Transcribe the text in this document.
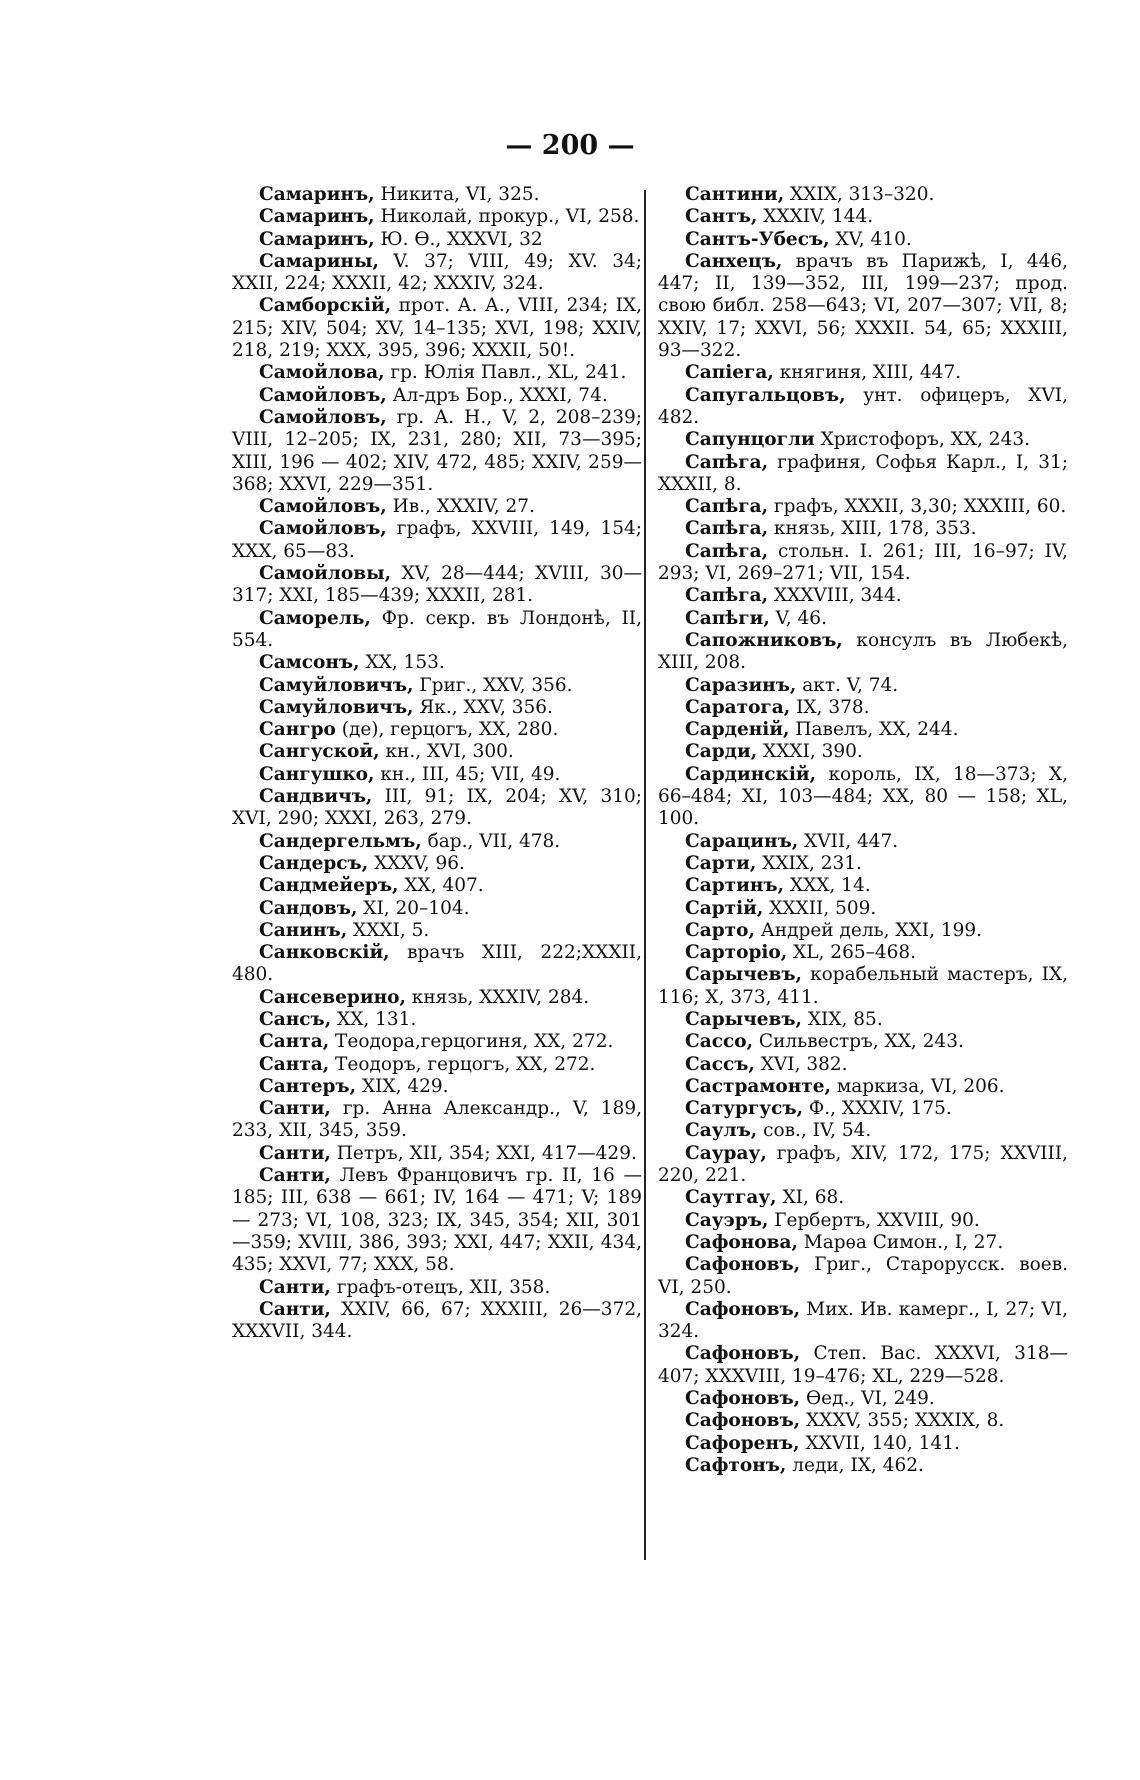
— 200 —

Самаринъ, Никита, VI, 325.

Самаринъ, Николай, прокур., VI, 258.

Самаринъ, Ю. Ѳ., XXXVI, 32

Самарины, V. 37; VIII, 49; XV. 34; XXII, 224; XXXII, 42; XXXIV, 324.

Самборскій, прот. А. А., VIII, 234; IX, 215; XIV, 504; XV, 14–135; XVI, 198; XXIV, 218, 219; XXX, 395, 396; XXXII, 50!.

Самойлова, гр. Юлія Павл., XL, 241.

Самойловъ, Ал-дръ Бор., XXXI, 74.

Самойловъ, гр. А. Н., V, 2, 208–239; VIII, 12–205; IX, 231, 280; XII, 73—395; XIII, 196 — 402; XIV, 472, 485; XXIV, 259—368; XXVI, 229—351.

Самойловъ, Ив., XXXIV, 27.

Самойловъ, графъ, XXVIII, 149, 154; XXX, 65—83.

Самойловы, XV, 28—444; XVIII, 30—317; XXI, 185—439; XXXII, 281.

Саморель, Фр. секр. въ Лондонѣ, II, 554.

Самсонъ, XX, 153.

Самуйловичъ, Григ., XXV, 356.

Самуйловичъ, Як., XXV, 356.

Сангро (де), герцогъ, XX, 280.

Сангускоӣ, кн., XVI, 300.

Сангушко, кн., III, 45; VII, 49.

Сандвичъ, III, 91; IX, 204; XV, 310; XVI, 290; XXXI, 263, 279.

Сандергельмъ, бар., VII, 478.

Сандерсъ, XXXV, 96.

Сандмейеръ, XX, 407.

Сандовъ, XI, 20–104.

Санинъ, XXXI, 5.

Санковскій, врачъ XIII, 222;XXXII, 480.

Сансеверино, князь, XXXIV, 284.

Сансъ, XX, 131.

Санта, Теодора,герцогиня, XX, 272.

Санта, Теодоръ, герцогъ, XX, 272.

Сантеръ, XIX, 429.

Санти, гр. Анна Александр., V, 189, 233, XII, 345, 359.

Санти, Петръ, XII, 354; XXI, 417—429.

Санти, Левъ Францовичъ гр. II, 16 — 185; III, 638 — 661; IV, 164 — 471; V; 189 — 273; VI, 108, 323; IX, 345, 354; XII, 301—359; XVIII, 386, 393; XXI, 447; XXII, 434, 435; XXVI, 77; XXX, 58.

Санти, графъ-отецъ, XII, 358.

Санти, XXIV, 66, 67; XXXIII, 26—372, XXXVII, 344.

Сантини, XXIX, 313–320.

Сантъ, XXXIV, 144.

Сантъ-Убесъ, XV, 410.

Санхецъ, врачъ въ Парижѣ, I, 446, 447; II, 139—352, III, 199—237; прод. свою библ. 258—643; VI, 207—307; VII, 8; XXIV, 17; XXVI, 56; XXXII. 54, 65; XXXIII, 93—322.

Сапіега, княгиня, XIII, 447.

Сапугальцовъ, унт. офицеръ, XVI, 482.

Сапунцогли Христофоръ, XX, 243.

Сапѣга, графиня, Софья Карл., I, 31; XXXII, 8.

Сапѣга, графъ, XXXII, 3,30; XXXIII, 60.

Сапѣга, князь, XIII, 178, 353.

Сапѣга, стольн. I. 261; III, 16–97; IV, 293; VI, 269–271; VII, 154.

Сапѣга, XXXVIII, 344.

Сапѣги, V, 46.

Сапожниковъ, консулъ въ Любекѣ, XIII, 208.

Саразинъ, акт. V, 74.

Саратога, IX, 378.

Сарденій, Павелъ, XX, 244.

Сарди, XXXI, 390.

Сардинскій, король, IX, 18—373; X, 66–484; XI, 103—484; XX, 80 — 158; XL, 100.

Сарацинъ, XVII, 447.

Сарти, XXIX, 231.

Сартинъ, XXX, 14.

Сартій, XXXII, 509.

Сарто, Андрей дель, XXI, 199.

Сарторіо, XL, 265–468.

Сарычевъ, корабельный мастеръ, IX, 116; X, 373, 411.

Сарычевъ, XIX, 85.

Сассо, Сильвестръ, XX, 243.

Сассъ, XVI, 382.

Састрамонте, маркиза, VI, 206.

Сатургусъ, Ф., XXXIV, 175.

Саулъ, сов., IV, 54.

Саурау, графъ, XIV, 172, 175; XXVIII, 220, 221.

Саутгау, XI, 68.

Сауэръ, Гербертъ, XXVIII, 90.

Сафонова, Марѳа Симон., I, 27.

Сафоновъ, Григ., Старорусск. воев. VI, 250.

Сафоновъ, Мих. Ив. камерг., I, 27; VI, 324.

Сафоновъ, Степ. Вас. XXXVI, 318—407; XXXVIII, 19–476; XL, 229—528.

Сафоновъ, Ѳед., VI, 249.

Сафоновъ, XXXV, 355; XXXIX, 8.

Сафоренъ, XXVII, 140, 141.

Сафтонъ, леди, IX, 462.
